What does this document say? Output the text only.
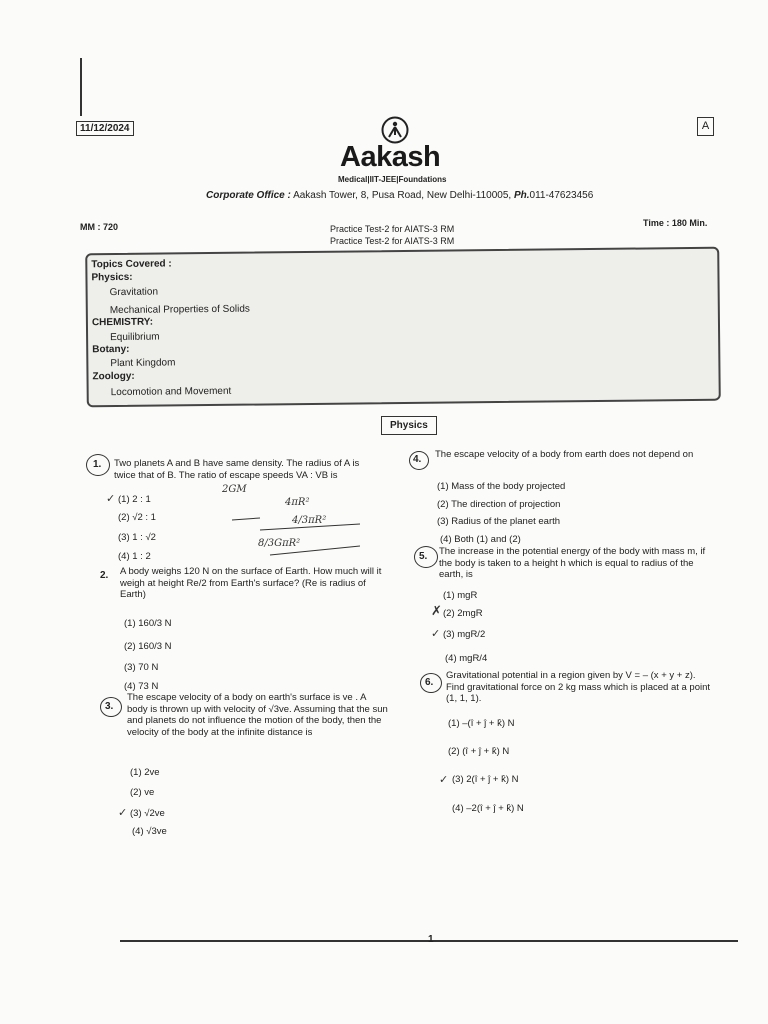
11/12/2024	A
Aakash
Medical|IIT-JEE|Foundations
Corporate Office : Aakash Tower, 8, Pusa Road, New Delhi-110005, Ph.011-47623456
MM : 720	Practice Test-2 for AIATS-3 RM
Practice Test-2 for AIATS-3 RM
Time : 180 Min.
Topics Covered :
Physics:
Gravitation
Mechanical Properties of Solids
CHEMISTRY:
Equilibrium
Botany:
Plant Kingdom
Zoology:
Locomotion and Movement
Physics
1. Two planets A and B have same density. The radius of A is twice that of B. The ratio of escape speeds VA : VB is
(1) 2 : 1
✓
(2) √2 : 1
(3) 1 : √2
(4) 1 : 2
2GM
4πR²
4/3πR²
8/3GπR²
2. A body weighs 120 N on the surface of Earth. How much will it weigh at height Re/2 from Earth's surface? (Re is radius of Earth)
(1) 160/3 N
(2) 160/3 N
(3) 70 N
(4) 73 N
3.
The escape velocity of a body on earth's surface is ve . A body is thrown up with velocity of √3ve. Assuming that the sun and planets do not influence the motion of the body, then the velocity of the body at the infinite distance is
(1) 2ve
(2) ve
(3) √2ve
✓
(4) √3ve
4. The escape velocity of a body from earth does not depend on
(1) Mass of the body projected
(2) The direction of projection
(3) Radius of the planet earth
(4) Both (1) and (2)
5. The increase in the potential energy of the body with mass m, if the body is taken to a height h which is equal to radius of the earth, is
(1) mgR
(2) 2mgR
✗
(3) mgR/2
✓
(4) mgR/4
6.
Gravitational potential in a region given by V = – (x + y + z). Find gravitational force on 2 kg mass which is placed at a point (1, 1, 1).
(1) –(î + ĵ + k̂) N
(2) (î + ĵ + k̂) N
(3) 2(î + ĵ + k̂) N
✓
(4) –2(î + ĵ + k̂) N
1
